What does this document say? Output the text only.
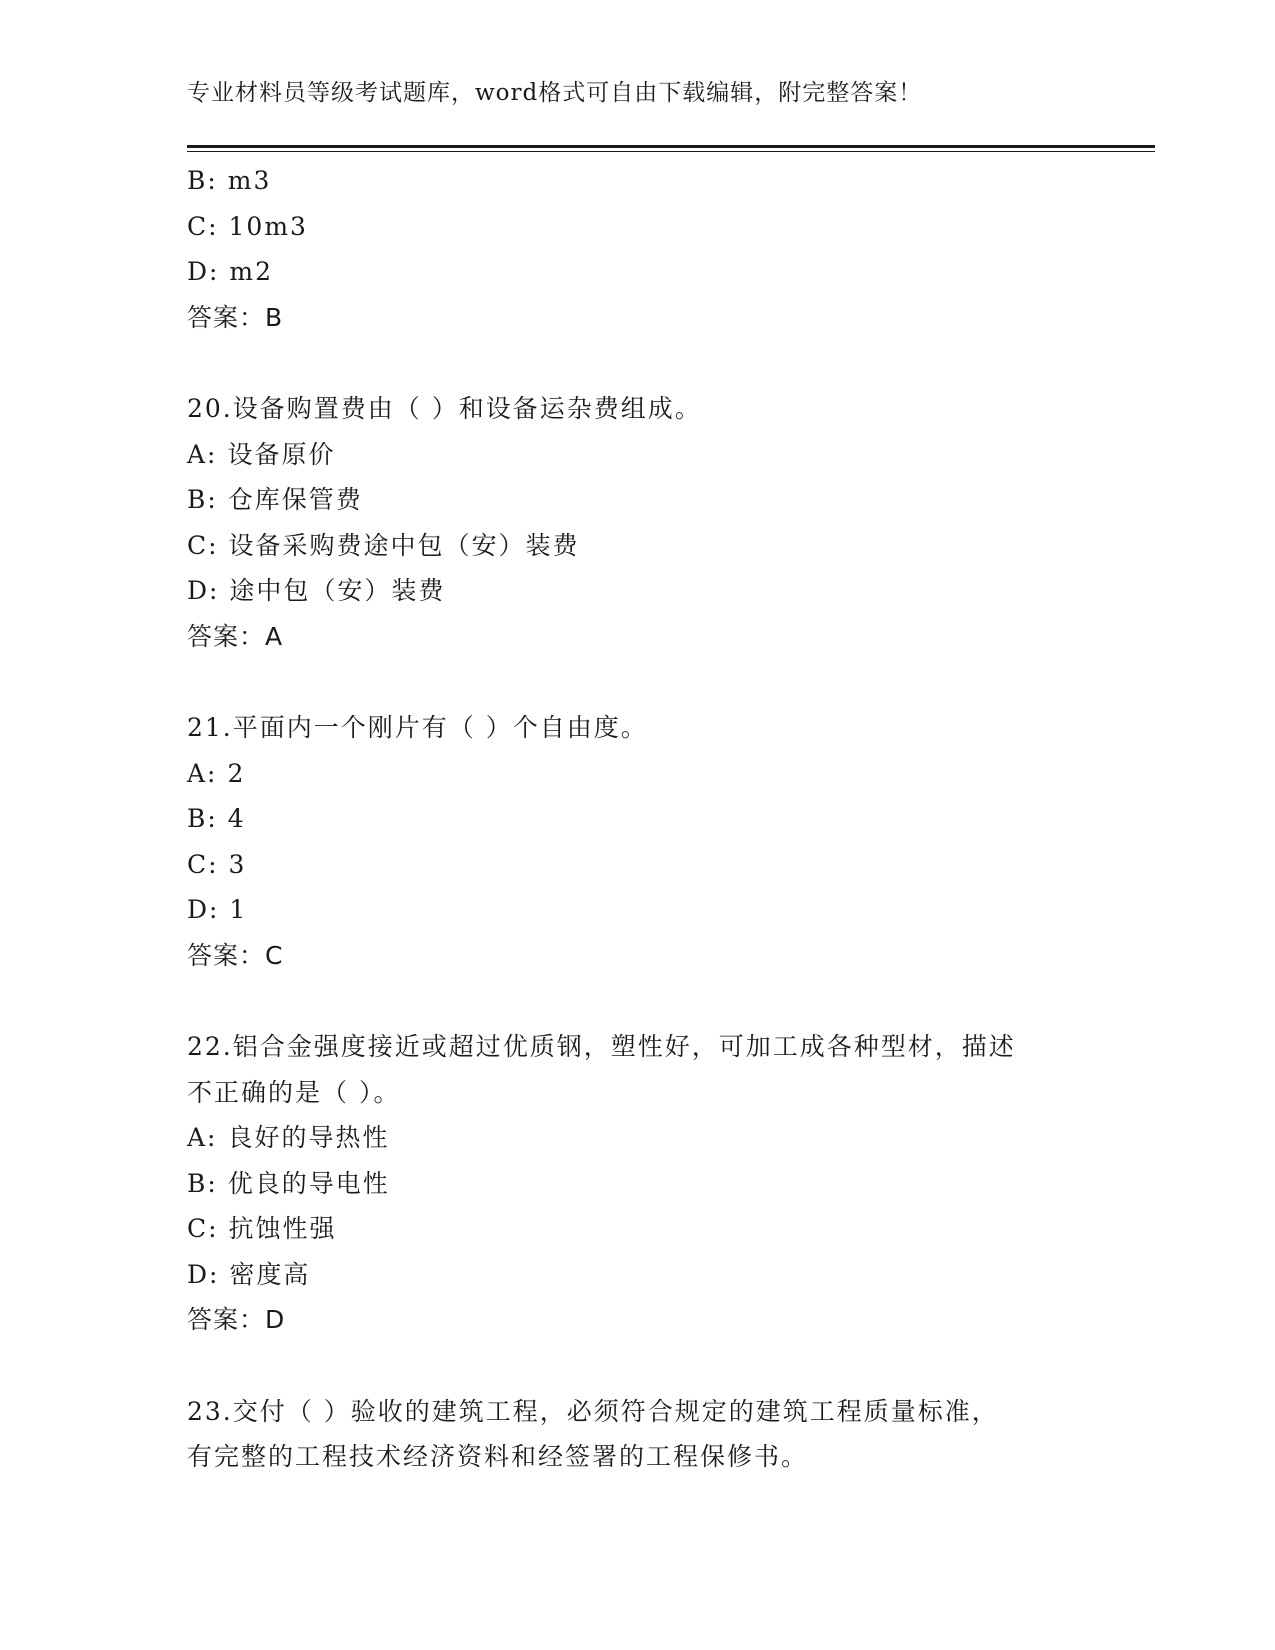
专业材料员等级考试题库，word格式可自由下载编辑，附完整答案！
B: m3
C: 10m3
D: m2
答案：B
20.设备购置费由（ ）和设备运杂费组成。
A: 设备原价
B: 仓库保管费
C: 设备采购费途中包（安）装费
D: 途中包（安）装费
答案：A
21.平面内一个刚片有（ ）个自由度。
A: 2
B: 4
C: 3
D: 1
答案：C
22.铝合金强度接近或超过优质钢，塑性好，可加工成各种型材，描述
不正确的是（ ）。
A: 良好的导热性
B: 优良的导电性
C: 抗蚀性强
D: 密度高
答案：D
23.交付（ ）验收的建筑工程，必须符合规定的建筑工程质量标准，
有完整的工程技术经济资料和经签署的工程保修书。
